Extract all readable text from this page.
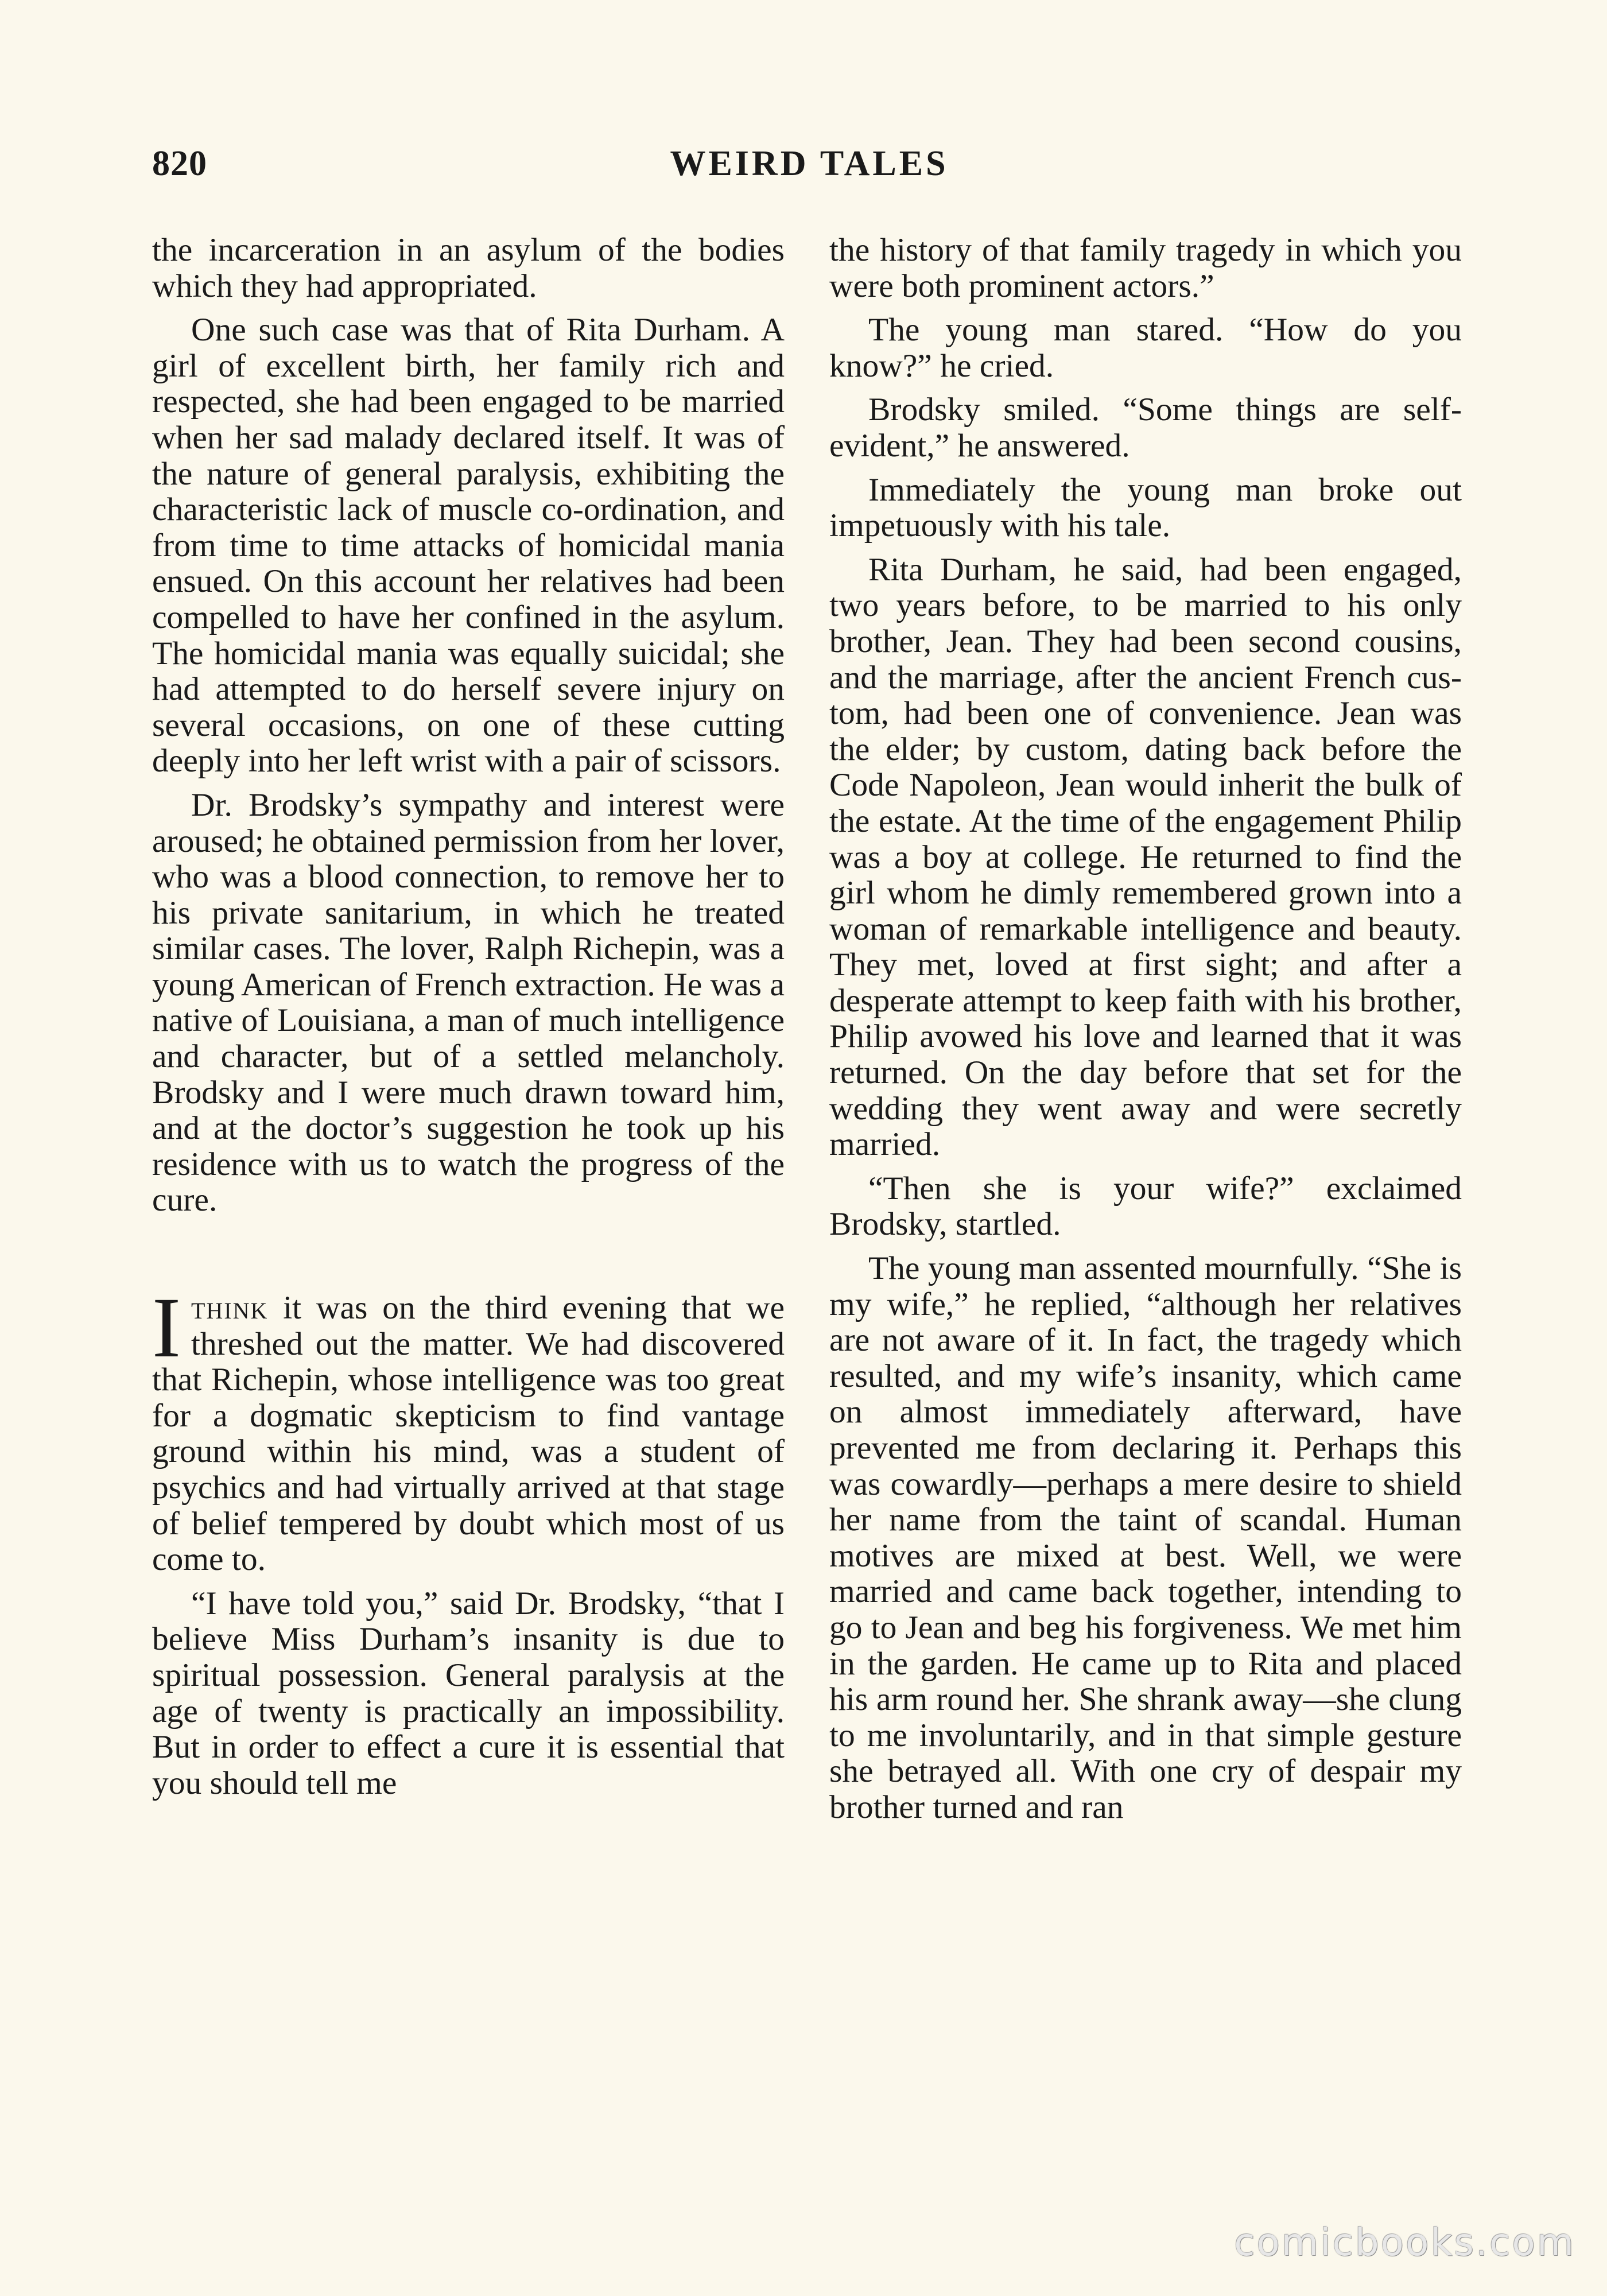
820	WEIRD TALES

the incarceration in an asylum of the bodies which they had appropriated.

One such case was that of Rita Durham. A girl of excellent birth, her family rich and respected, she had been engaged to be married when her sad malady declared itself. It was of the nature of general paralysis, exhibiting the characteristic lack of muscle co-ordination, and from time to time attacks of homicidal mania ensued. On this account her relatives had been compelled to have her confined in the asylum. The homicidal mania was equally suicidal; she had attempted to do herself severe injury on several occasions, on one of these cutting deeply into her left wrist with a pair of scissors.

Dr. Brodsky’s sympathy and interest were aroused; he obtained permission from her lover, who was a blood connection, to remove her to his private sanitarium, in which he treated similar cases. The lover, Ralph Richepin, was a young American of French extraction. He was a native of Louisiana, a man of much intelligence and character, but of a settled melancholy. Brodsky and I were much drawn toward him, and at the doctor’s suggestion he took up his residence with us to watch the progress of the cure.

Ithink it was on the third evening that we threshed out the matter. We had discovered that Richepin, whose intelligence was too great for a dogmatic skepticism to find vantage ground within his mind, was a student of psychics and had virtually arrived at that stage of belief tempered by doubt which most of us come to.

“I have told you,” said Dr. Brodsky, “that I believe Miss Durham’s insanity is due to spiritual possession. General paralysis at the age of twenty is practically an impossibility. But in order to effect a cure it is essential that you should tell me

the history of that family tragedy in which you were both prominent actors.”

The young man stared. “How do you know?” he cried.

Brodsky smiled. “Some things are self-evident,” he answered.

Immediately the young man broke out impetuously with his tale.

Rita Durham, he said, had been engaged, two years before, to be married to his only brother, Jean. They had been second cousins, and the marriage, after the ancient French custom, had been one of convenience. Jean was the elder; by custom, dating back before the Code Napoleon, Jean would inherit the bulk of the estate. At the time of the engagement Philip was a boy at college. He returned to find the girl whom he dimly remembered grown into a woman of remarkable intelligence and beauty. They met, loved at first sight; and after a desperate attempt to keep faith with his brother, Philip avowed his love and learned that it was returned. On the day before that set for the wedding they went away and were secretly married.

“Then she is your wife?” exclaimed Brodsky, startled.

The young man assented mournfully. “She is my wife,” he replied, “although her relatives are not aware of it. In fact, the tragedy which resulted, and my wife’s insanity, which came on almost immediately afterward, have prevented me from declaring it. Perhaps this was cowardly—perhaps a mere desire to shield her name from the taint of scandal. Human motives are mixed at best. Well, we were married and came back together, intending to go to Jean and beg his forgiveness. We met him in the garden. He came up to Rita and placed his arm round her. She shrank away—she clung to me involuntarily, and in that simple gesture she betrayed all. With one cry of despair my brother turned and ran

comicbooks.com
